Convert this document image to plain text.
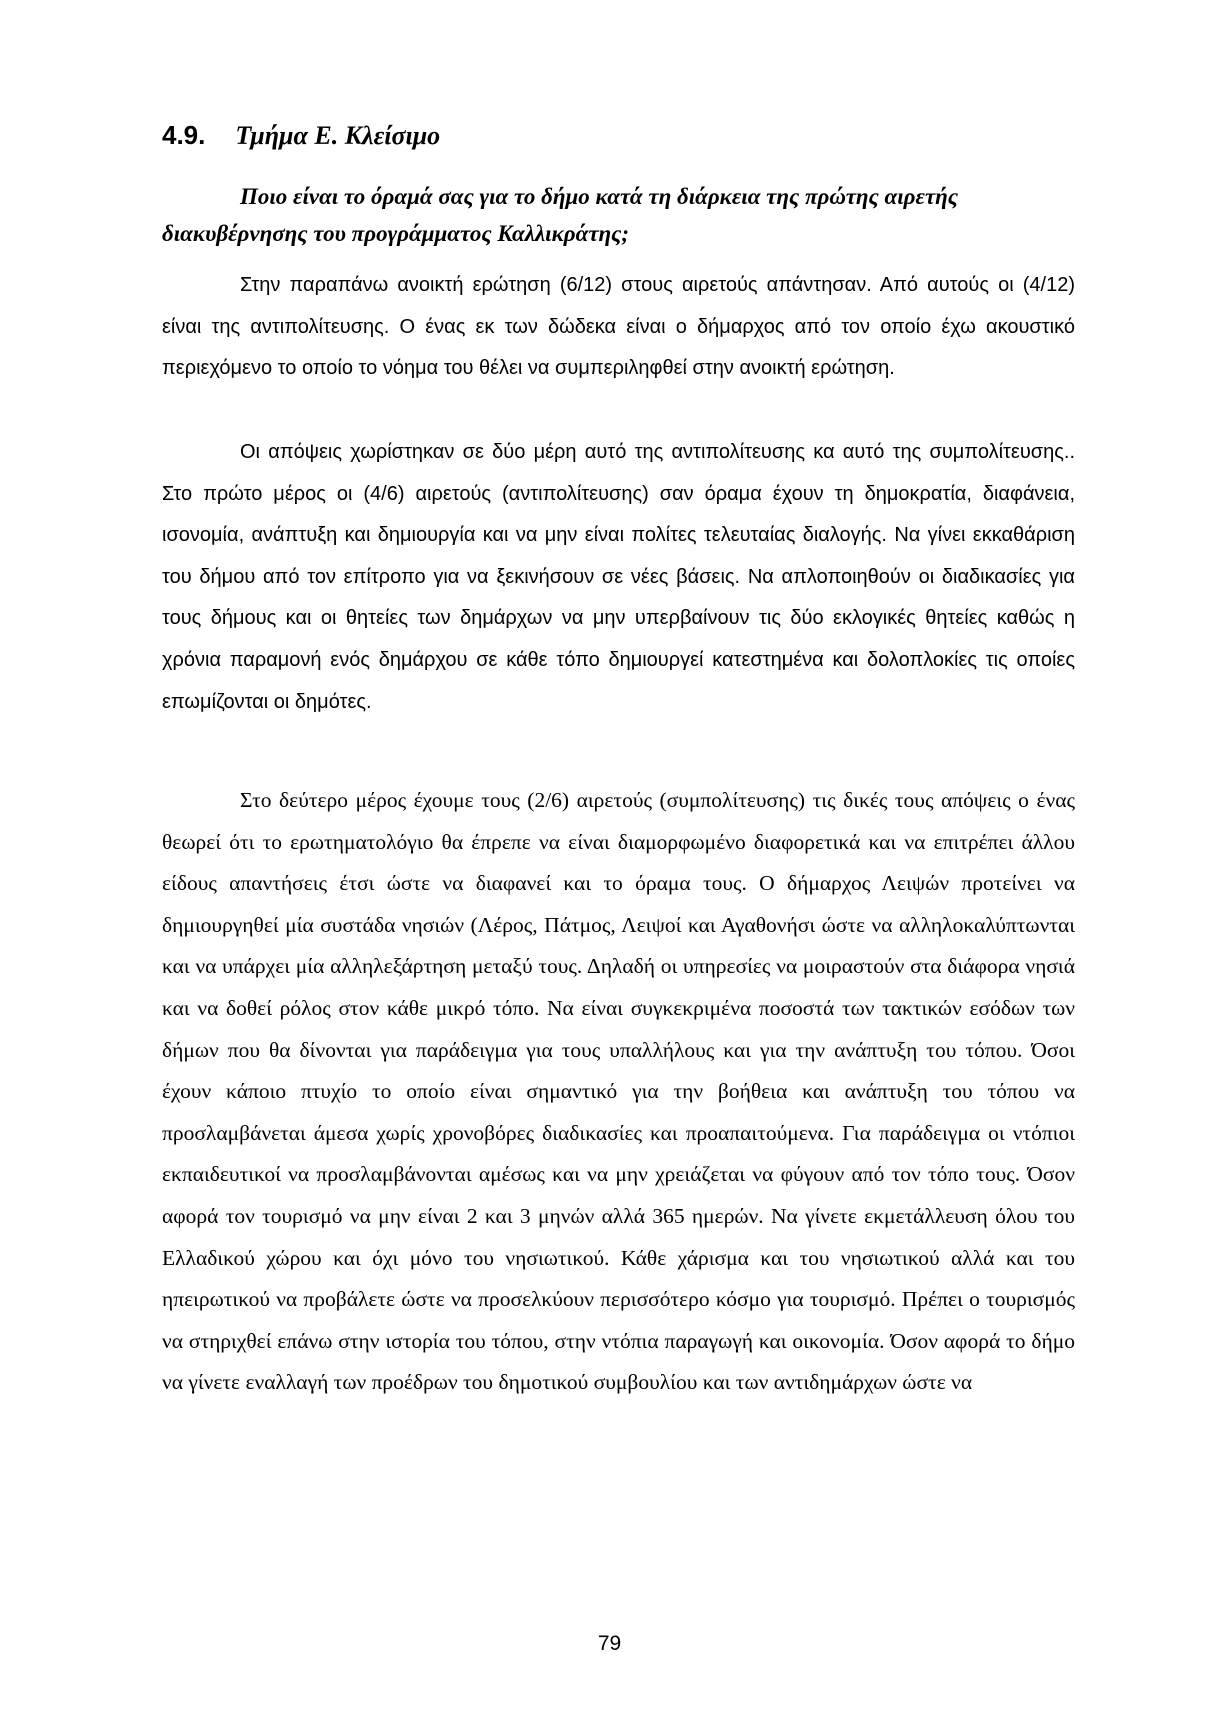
4.9. Τμήμα Ε. Κλείσιμο
Ποιο είναι το όραμά σας για το δήμο κατά τη διάρκεια της πρώτης αιρετής
διακυβέρνησης του προγράμματος Καλλικράτης;
Στην παραπάνω ανοικτή ερώτηση (6/12) στους αιρετούς απάντησαν. Από αυτούς οι (4/12) είναι της αντιπολίτευσης. Ο ένας εκ των δώδεκα είναι ο δήμαρχος από τον οποίο έχω ακουστικό περιεχόμενο το οποίο το νόημα του θέλει να συμπεριληφθεί στην ανοικτή ερώτηση.
Οι απόψεις χωρίστηκαν σε δύο μέρη αυτό της αντιπολίτευσης κα αυτό της συμπολίτευσης.. Στο πρώτο μέρος οι (4/6) αιρετούς (αντιπολίτευσης) σαν όραμα έχουν τη δημοκρατία, διαφάνεια, ισονομία, ανάπτυξη και δημιουργία και να μην είναι πολίτες τελευταίας διαλογής. Να γίνει εκκαθάριση του δήμου από τον επίτροπο για να ξεκινήσουν σε νέες βάσεις. Να απλοποιηθούν οι διαδικασίες για τους δήμους και οι θητείες των δημάρχων να μην υπερβαίνουν τις δύο εκλογικές θητείες καθώς η χρόνια παραμονή ενός δημάρχου σε κάθε τόπο δημιουργεί κατεστημένα και δολοπλοκίες τις οποίες επωμίζονται οι δημότες.
Στο δεύτερο μέρος έχουμε τους (2/6) αιρετούς (συμπολίτευσης) τις δικές τους απόψεις ο ένας θεωρεί ότι το ερωτηματολόγιο θα έπρεπε να είναι διαμορφωμένο διαφορετικά και να επιτρέπει άλλου είδους απαντήσεις έτσι ώστε να διαφανεί και το όραμα τους. Ο δήμαρχος Λειψών προτείνει να δημιουργηθεί μία συστάδα νησιών (Λέρος, Πάτμος, Λειψοί και Αγαθονήσι ώστε να αλληλοκαλύπτωνται και να υπάρχει μία αλληλεξάρτηση μεταξύ τους. Δηλαδή οι υπηρεσίες να μοιραστούν στα διάφορα νησιά και να δοθεί ρόλος στον κάθε μικρό τόπο. Να είναι συγκεκριμένα ποσοστά των τακτικών εσόδων των δήμων που θα δίνονται για παράδειγμα για τους υπαλλήλους και για την ανάπτυξη του τόπου. Όσοι έχουν κάποιο πτυχίο το οποίο είναι σημαντικό για την βοήθεια και ανάπτυξη του τόπου να προσλαμβάνεται άμεσα χωρίς χρονοβόρες διαδικασίες και προαπαιτούμενα. Για παράδειγμα οι ντόπιοι εκπαιδευτικοί να προσλαμβάνονται αμέσως και να μην χρειάζεται να φύγουν από τον τόπο τους. Όσον αφορά τον τουρισμό να μην είναι 2 και 3 μηνών αλλά 365 ημερών. Να γίνετε εκμετάλλευση όλου του Ελλαδικού χώρου και όχι μόνο του νησιωτικού. Κάθε χάρισμα και του νησιωτικού αλλά και του ηπειρωτικού να προβάλετε ώστε να προσελκύουν περισσότερο κόσμο για τουρισμό. Πρέπει ο τουρισμός να στηριχθεί επάνω στην ιστορία του τόπου, στην ντόπια παραγωγή και οικονομία. Όσον αφορά το δήμο να γίνετε εναλλαγή των προέδρων του δημοτικού συμβουλίου και των αντιδημάρχων ώστε να
79
